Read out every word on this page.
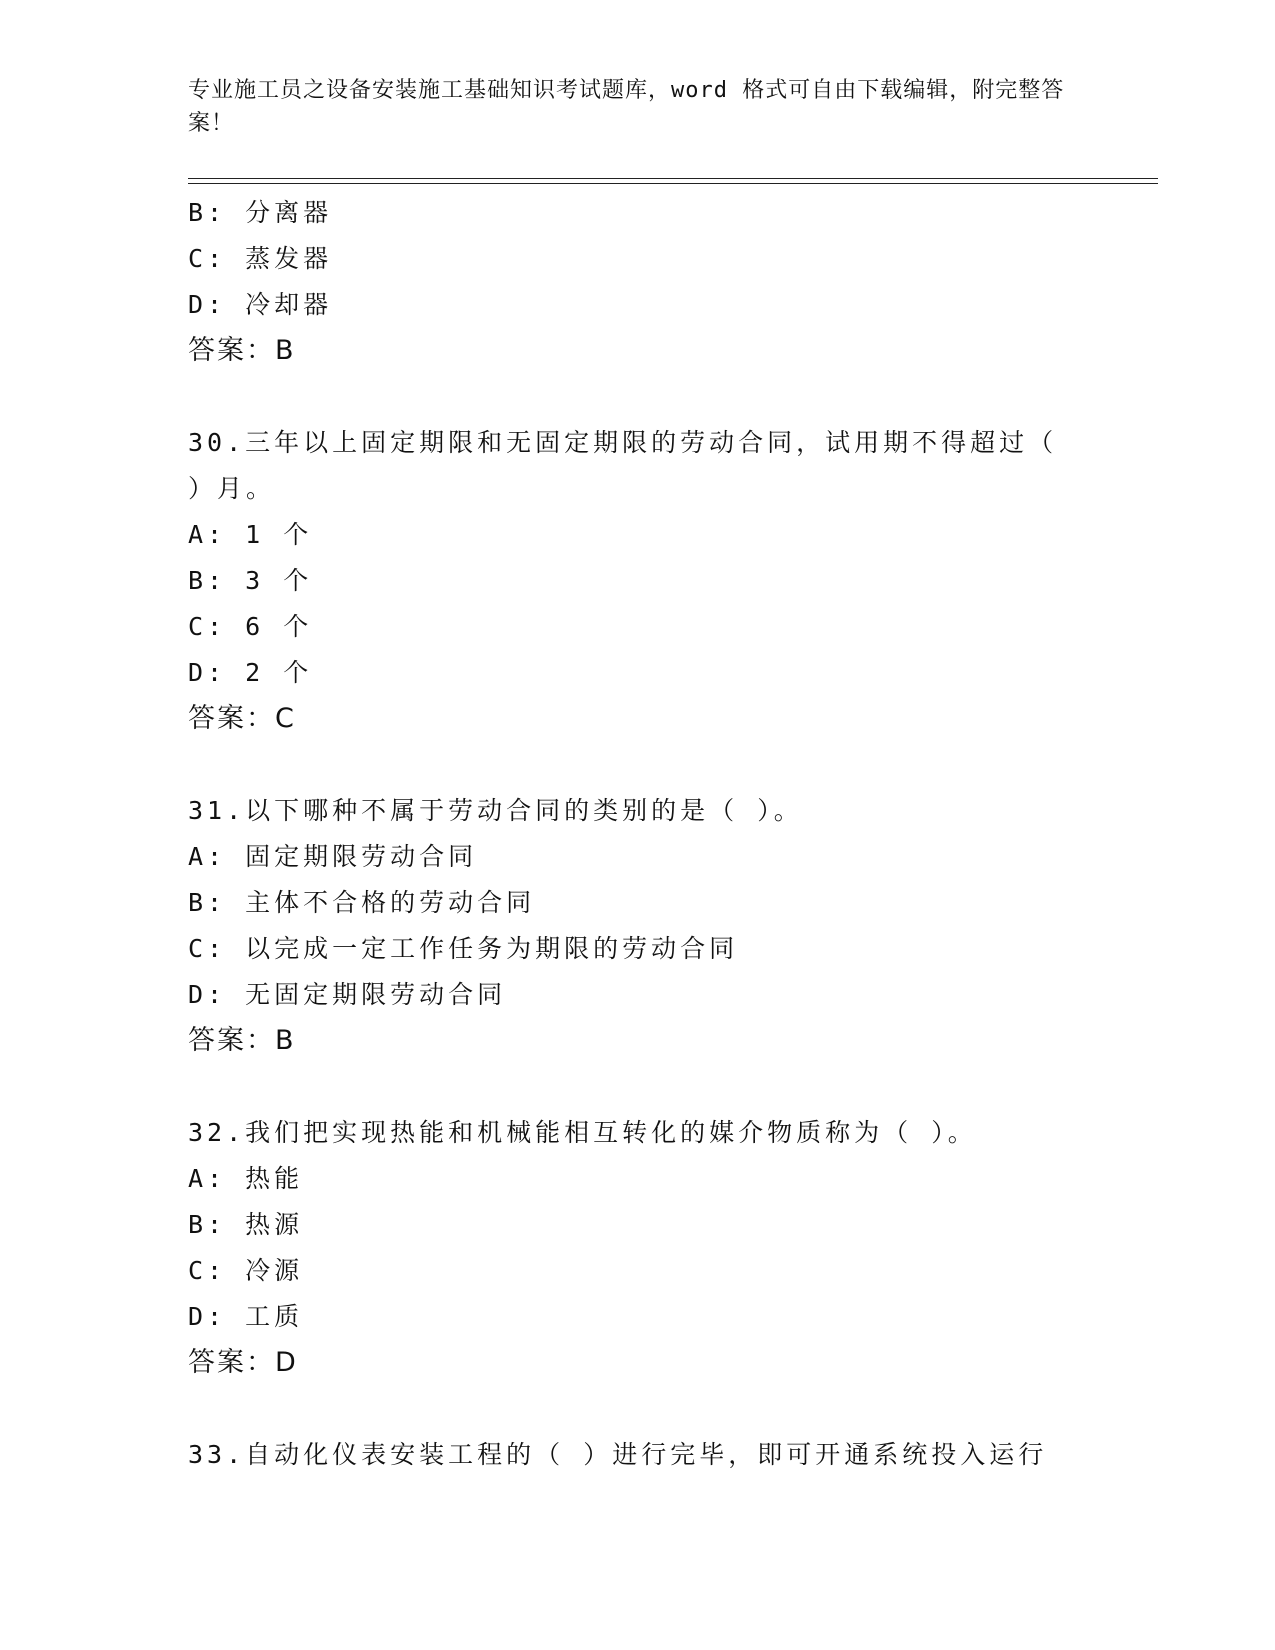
专业施工员之设备安装施工基础知识考试题库，word 格式可自由下载编辑，附完整答案！
B: 分离器
C: 蒸发器
D: 冷却器
答案：B
30.三年以上固定期限和无固定期限的劳动合同，试用期不得超过（
）月。
A: 1 个
B: 3 个
C: 6 个
D: 2 个
答案：C
31.以下哪种不属于劳动合同的类别的是（ ）。
A: 固定期限劳动合同
B: 主体不合格的劳动合同
C: 以完成一定工作任务为期限的劳动合同
D: 无固定期限劳动合同
答案：B
32.我们把实现热能和机械能相互转化的媒介物质称为（ ）。
A: 热能
B: 热源
C: 冷源
D: 工质
答案：D
33.自动化仪表安装工程的（ ）进行完毕，即可开通系统投入运行
